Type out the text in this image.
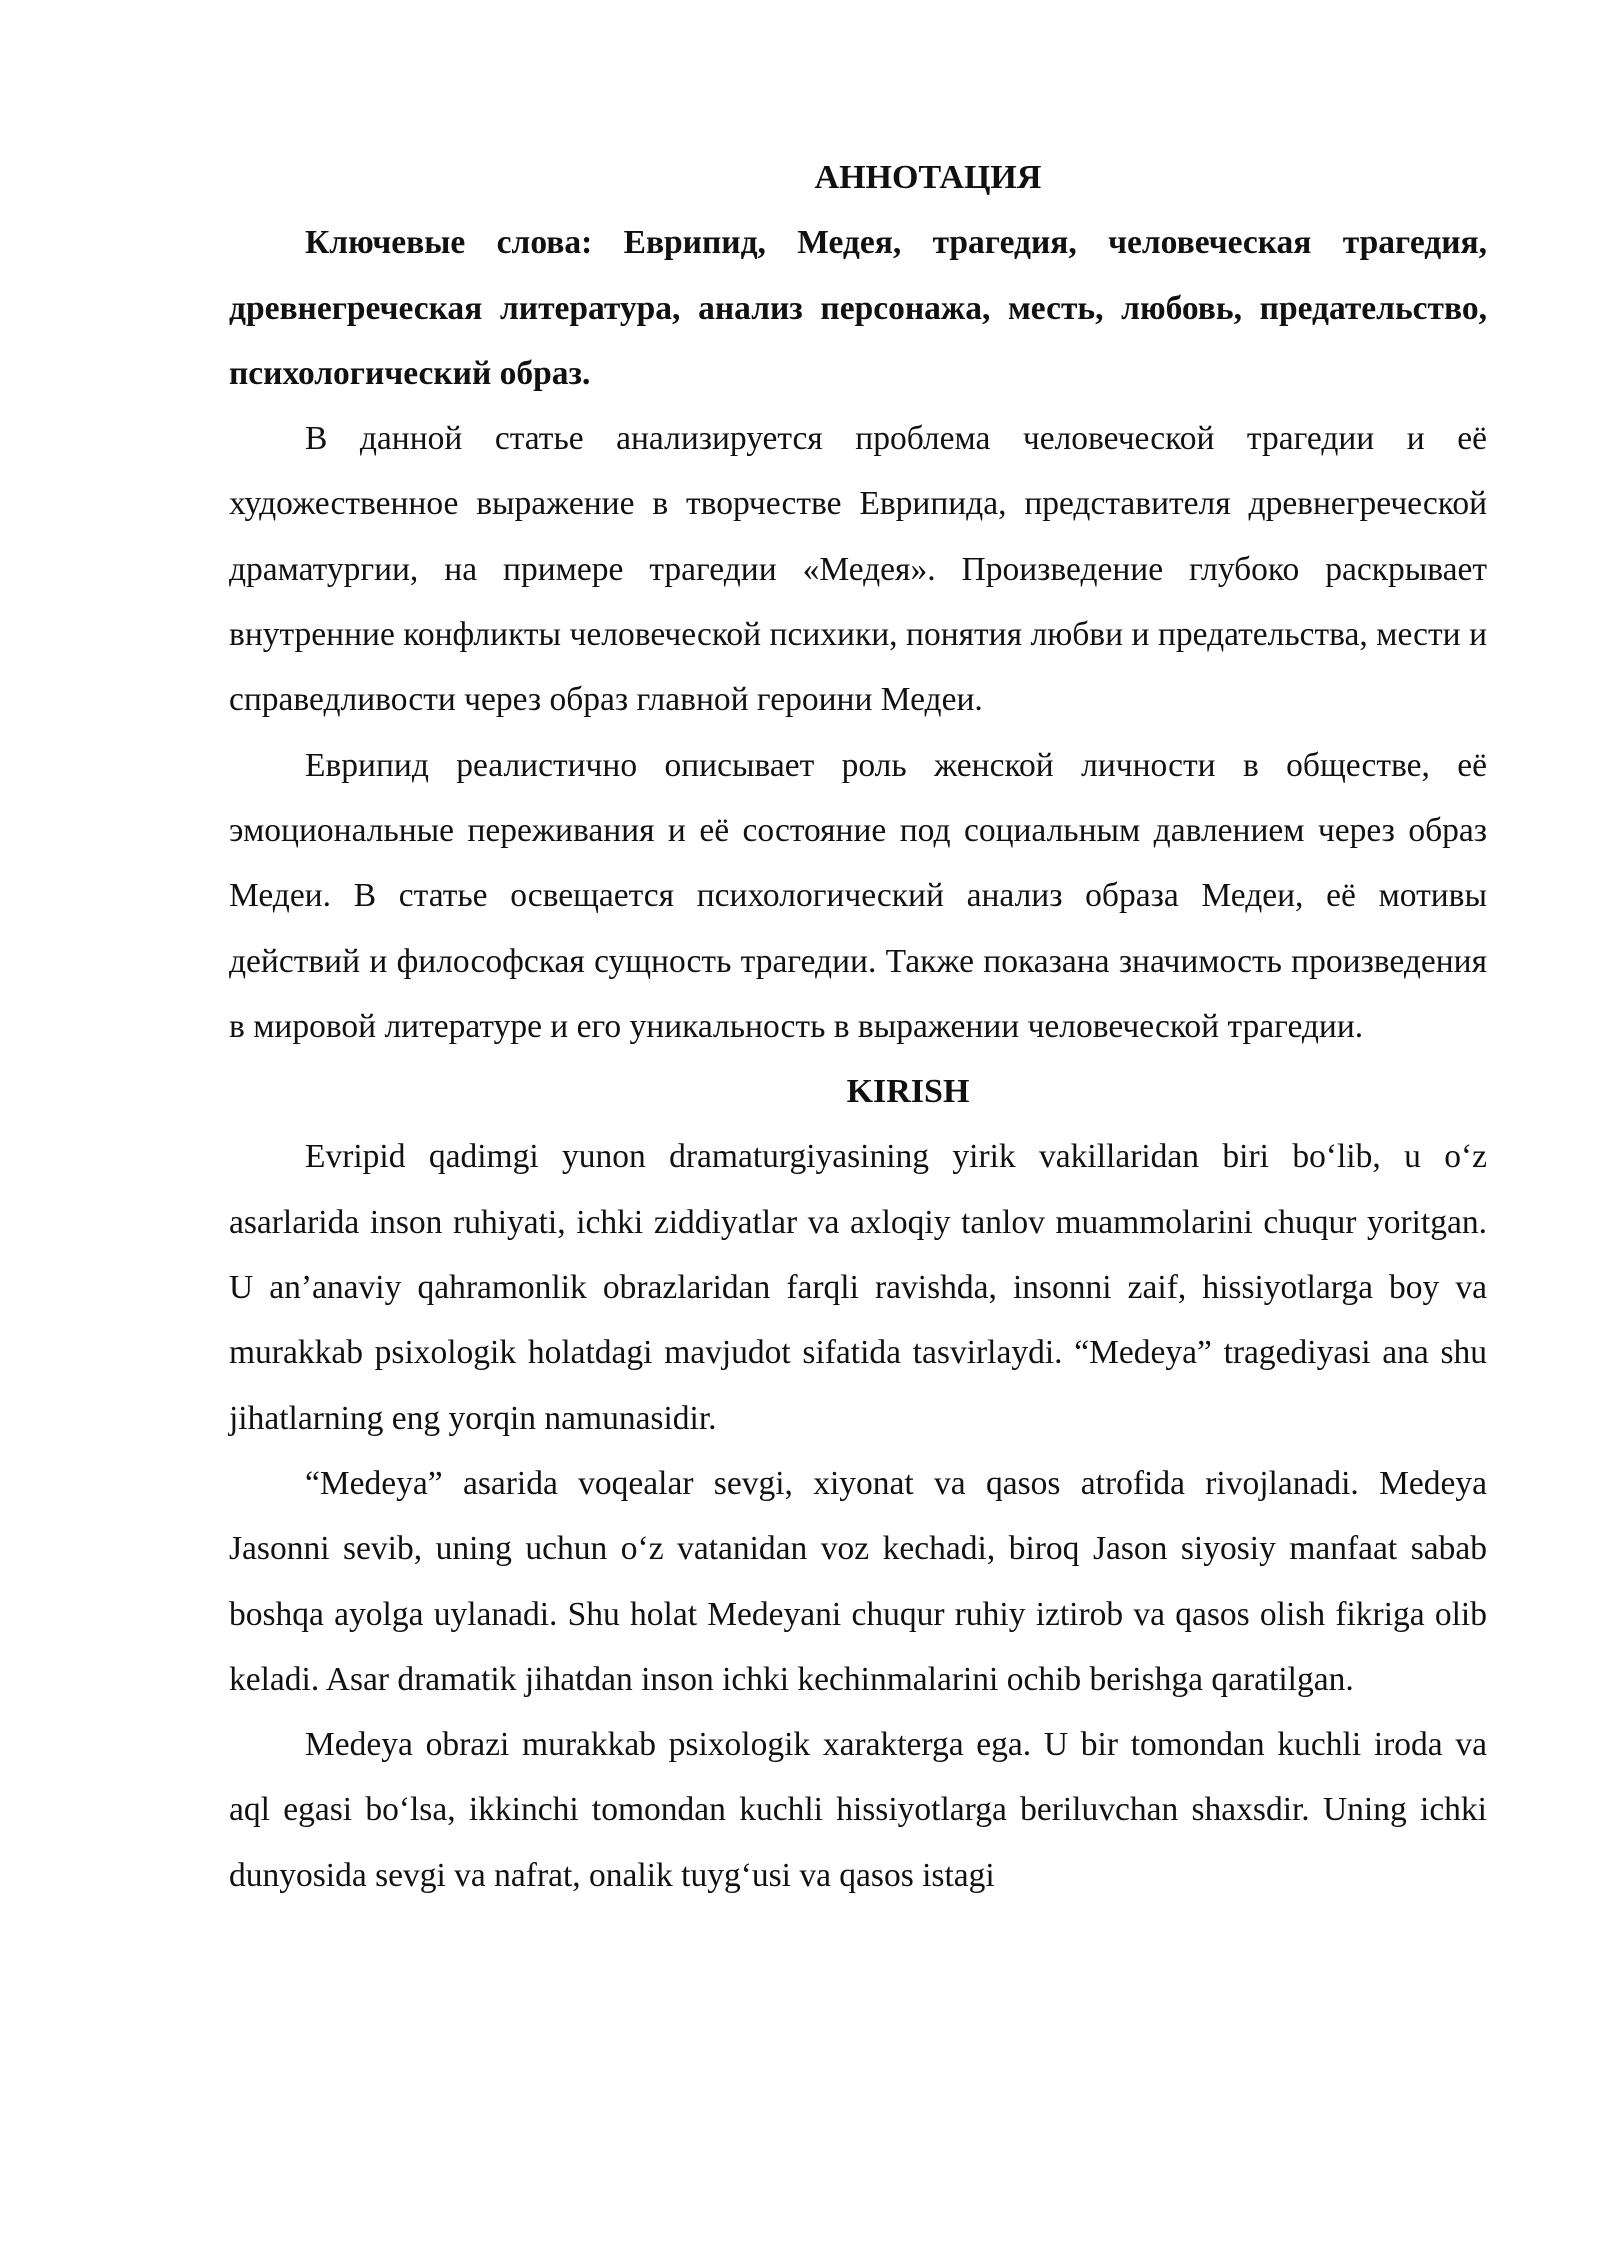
АННОТАЦИЯ

Ключевые слова: Еврипид, Медея, трагедия, человеческая трагедия, древнегреческая литература, анализ персонажа, месть, любовь, предательство, психологический образ.

В данной статье анализируется проблема человеческой трагедии и её художественное выражение в творчестве Еврипида, представителя древнегреческой драматургии, на примере трагедии «Медея». Произведение глубоко раскрывает внутренние конфликты человеческой психики, понятия любви и предательства, мести и справедливости через образ главной героини Медеи.

Еврипид реалистично описывает роль женской личности в обществе, её эмоциональные переживания и её состояние под социальным давлением через образ Медеи. В статье освещается психологический анализ образа Медеи, её мотивы действий и философская сущность трагедии. Также показана значимость произведения в мировой литературе и его уникальность в выражении человеческой трагедии.

KIRISH

Evripid qadimgi yunon dramaturgiyasining yirik vakillaridan biri boʻlib, u oʻz asarlarida inson ruhiyati, ichki ziddiyatlar va axloqiy tanlov muammolarini chuqur yoritgan. U an’anaviy qahramonlik obrazlaridan farqli ravishda, insonni zaif, hissiyotlarga boy va murakkab psixologik holatdagi mavjudot sifatida tasvirlaydi. “Medeya” tragediyasi ana shu jihatlarning eng yorqin namunasidir.

“Medeya” asarida voqealar sevgi, xiyonat va qasos atrofida rivojlanadi. Medeya Jasonni sevib, uning uchun oʻz vatanidan voz kechadi, biroq Jason siyosiy manfaat sabab boshqa ayolga uylanadi. Shu holat Medeyani chuqur ruhiy iztirob va qasos olish fikriga olib keladi. Asar dramatik jihatdan inson ichki kechinmalarini ochib berishga qaratilgan.

Medeya obrazi murakkab psixologik xarakterga ega. U bir tomondan kuchli iroda va aql egasi boʻlsa, ikkinchi tomondan kuchli hissiyotlarga beriluvchan shaxsdir. Uning ichki dunyosida sevgi va nafrat, onalik tuygʻusi va qasos istagi
